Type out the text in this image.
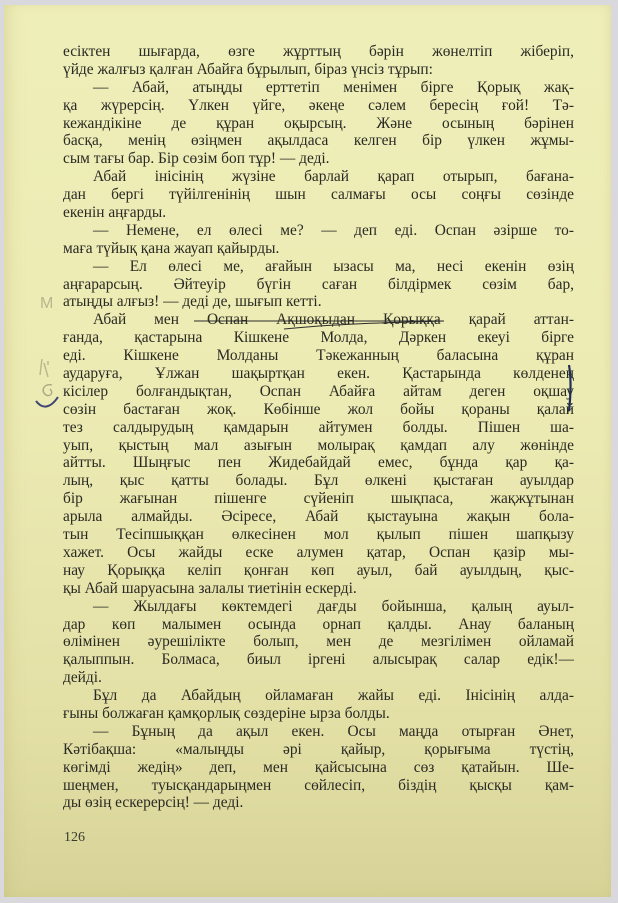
есіктен шығарда, өзге жұрттың бәрін жөнелтіп жіберіп,
үйде жалғыз қалған Абайға бұрылып, біраз үнсіз тұрып:
— Абай, атыңды ерттетіп менімен бірге Қорық жақ-
қа жүрерсің. Үлкен үйге, әкеңе сәлем бересің ғой! Тә-
кежандікіне де құран оқырсың. Және осының бәрінен
басқа, менің өзіңмен ақылдаса келген бір үлкен жұмы-
сым тағы бар. Бір сөзім боп тұр! — деді.
Абай інісінің жүзіне барлай қарап отырып, бағана-
дан бергі түйілгенінің шын салмағы осы соңғы сөзінде
екенін аңғарды.
— Немене, ел өлесі ме? — деп еді. Оспан әзірше то-
маға түйық қана жауап қайырды.
— Ел өлесі ме, ағайын ызасы ма, несі екенін өзің
аңғарарсың. Әйтеуір бүгін саған білдірмек сөзім бар,
атыңды алғыз! — деді де, шығып кетті.
Абай мен Оспан Ақшоқыдан Қорыққа қарай аттан-
ғанда, қастарына Кішкене Молда, Дәркен екеуі бірге
еді. Кішкене Молданы Тәкежанның баласына құран
аударуға, Ұлжан шақыртқан екен. Қастарында көлденең
кісілер болғандықтан, Оспан Абайға айтам деген оқшау
сөзін бастаған жоқ. Көбінше жол бойы қораны қалай
тез салдырудың қамдарын айтумен болды. Пішен ша-
уып, қыстың мал азығын молырақ қамдап алу жөнінде
айтты. Шыңғыс пен Жидебайдай емес, бұнда қар қа-
лың, қыс қатты болады. Бұл өлкені қыстаған ауылдар
бір жағынан пішенге сүйеніп шықпаса, жақжұтынан
арыла алмайды. Әсіресе, Абай қыстауына жақын бола-
тын Тесіпшыққан өлкесінен мол қылып пішен шапқызу
хажет. Осы жайды еске алумен қатар, Оспан қазір мы-
нау Қорыққа келіп қонған көп ауыл, бай ауылдың, қыс-
қы Абай шаруасына залалы тиетінін ескерді.
— Жылдағы көктемдегі дағды бойынша, қалың ауыл-
дар көп малымен осында орнап қалды. Анау баланың
өлімінен әурешілікте болып, мен де мезгілімен ойламай
қалыппын. Болмаса, биыл іргені алысырақ салар едік!—
дейді.
Бұл да Абайдың ойламаған жайы еді. Інісінің алда-
ғыны болжаған қамқорлық сөздеріне ырза болды.
— Бұның да ақыл екен. Осы маңда отырған Әнет,
Кәтібақша: «малыңды әрі қайыр, қорығыма түстің,
көгімді жедің» деп, мен қайсысына сөз қатайын. Ше-
шеңмен, туысқандарыңмен сөйлесіп, біздің қысқы қам-
ды өзің ескерерсің! — деді.
126
М
